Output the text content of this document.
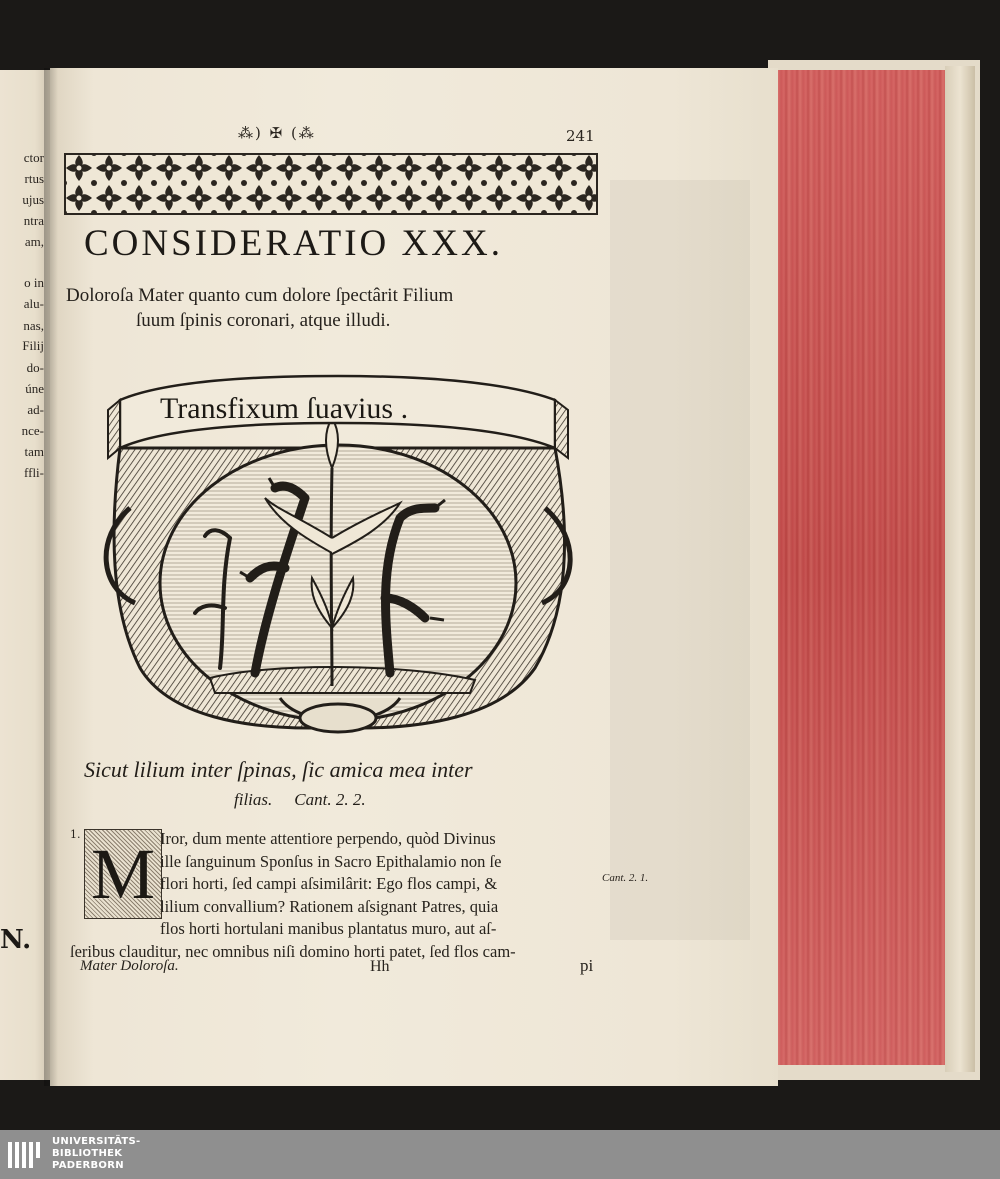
ctor
rtus
ujus
ntra
am,
o in
alu-
nas,
Filij
do-
úne
ad-
nce-
tam
ffli-
N.
⁂) ✠ (⁂	241
CONSIDERATIO XXX.
Doloroſa Mater quanto cum dolore ſpectârit Filium
ſuum ſpinis coronari, atque illudi.
Transfixum ſuavius .
Sicut lilium inter ſpinas, ſic amica mea inter
filias. Cant. 2. 2.
1. M Iror, dum mente attentiore perpendo, quòd Divinus
ille ſanguinum Sponſus in Sacro Epithalamio non ſe
flori horti, ſed campi aſsimilârit: Ego flos campi, &
lilium convallium? Rationem aſsignant Patres, quia
flos horti hortulani manibus plantatus muro, aut aſ-
ſeribus clauditur, nec omnibus niſi domino horti patet, ſed flos cam-
Cant. 2. 1.
Mater Doloroſa.	Hh	pi
UNIVERSITÄTS-
BIBLIOTHEK
PADERBORN
